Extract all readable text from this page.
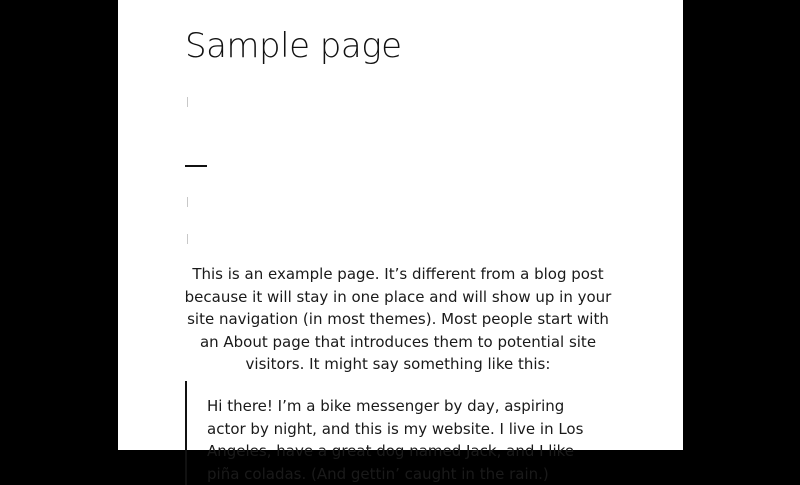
Sample page

This is an example page. It’s different from a blog post because it will stay in one place and will show up in your site navigation (in most themes). Most people start with an About page that introduces them to potential site visitors. It might say something like this:

Hi there! I’m a bike messenger by day, aspiring actor by night, and this is my website. I live in Los Angeles, have a great dog named Jack, and I like piña coladas. (And gettin’ caught in the rain.)
